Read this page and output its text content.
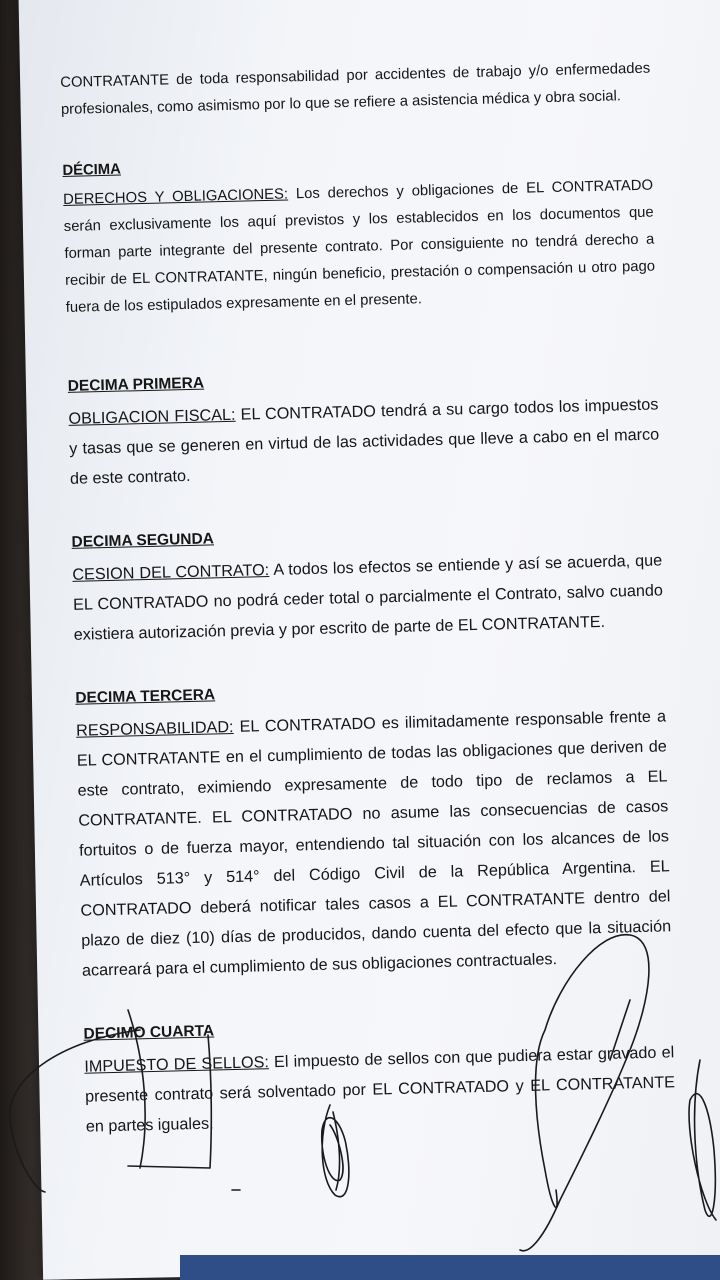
CONTRATANTE de toda responsabilidad por accidentes de trabajo y/o enfermedades profesionales, como asimismo por lo que se refiere a asistencia médica y obra social.

DÉCIMA

DERECHOS Y OBLIGACIONES: Los derechos y obligaciones de EL CONTRATADO serán exclusivamente los aquí previstos y los establecidos en los documentos que forman parte integrante del presente contrato. Por consiguiente no tendrá derecho a recibir de EL CONTRATANTE, ningún beneficio, prestación o compensación u otro pago fuera de los estipulados expresamente en el presente.

DECIMA PRIMERA

OBLIGACION FISCAL: EL CONTRATADO tendrá a su cargo todos los impuestos y tasas que se generen en virtud de las actividades que lleve a cabo en el marco de este contrato.

DECIMA SEGUNDA

CESION DEL CONTRATO: A todos los efectos se entiende y así se acuerda, que EL CONTRATADO no podrá ceder total o parcialmente el Contrato, salvo cuando existiera autorización previa y por escrito de parte de EL CONTRATANTE.

DECIMA TERCERA

RESPONSABILIDAD: EL CONTRATADO es ilimitadamente responsable frente a EL CONTRATANTE en el cumplimiento de todas las obligaciones que deriven de este contrato, eximiendo expresamente de todo tipo de reclamos a EL CONTRATANTE. EL CONTRATADO no asume las consecuencias de casos fortuitos o de fuerza mayor, entendiendo tal situación con los alcances de los Artículos 513° y 514° del Código Civil de la República Argentina. EL CONTRATADO deberá notificar tales casos a EL CONTRATANTE dentro del plazo de diez (10) días de producidos, dando cuenta del efecto que la situación acarreará para el cumplimiento de sus obligaciones contractuales.

DECIMO CUARTA

IMPUESTO DE SELLOS: El impuesto de sellos con que pudiera estar gravado el presente contrato será solventado por EL CONTRATADO y EL CONTRATANTE en partes iguales.
